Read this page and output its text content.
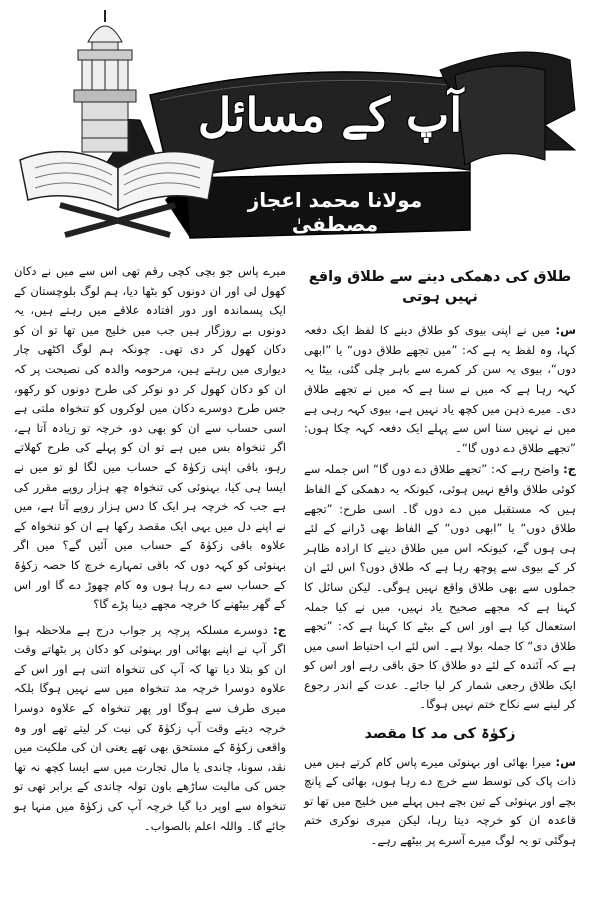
آپ کے مسائل
مولانا محمد اعجاز مصطفیٰ
طلاق کی دھمکی دینے سے طلاق واقع نہیں ہوتی

س: میں نے اپنی بیوی کو طلاق دینے کا لفظ ایک دفعہ کہا، وہ لفظ یہ ہے کہ: ”میں تجھے طلاق دوں“ یا ”ابھی دوں“، بیوی یہ سن کر کمرے سے باہر چلی گئی، بیٹا یہ کہہ رہا ہے کہ میں نے سنا ہے کہ میں نے تجھے طلاق دی۔ میرے ذہن میں کچھ یاد نہیں ہے، بیوی کہہ رہی ہے میں نے نہیں سنا اس سے پہلے ایک دفعہ کہہ چکا ہوں: ”تجھے طلاق دے دوں گا“۔

ج: واضح رہے کہ: ”تجھے طلاق دے دوں گا“ اس جملہ سے کوئی طلاق واقع نہیں ہوئی، کیونکہ یہ دھمکی کے الفاظ ہیں کہ مستقبل میں دے دوں گا۔ اسی طرح: ”تجھے طلاق دوں“ یا ”ابھی دوں“ کے الفاظ بھی ڈرانے کے لئے ہی ہوں گے، کیونکہ اس میں طلاق دینے کا ارادہ ظاہر کر کے بیوی سے پوچھ رہا ہے کہ طلاق دوں؟ اس لئے ان جملوں سے بھی طلاق واقع نہیں ہوگی۔ لیکن سائل کا کہنا ہے کہ مجھے صحیح یاد نہیں، میں نے کیا جملہ استعمال کیا ہے اور اس کے بیٹے کا کہنا ہے کہ: ”تجھے طلاق دی“ کا جملہ بولا ہے۔ اس لئے اب احتیاط اسی میں ہے کہ آئندہ کے لئے دو طلاق کا حق باقی رہے اور اس کو ایک طلاق رجعی شمار کر لیا جائے۔ عدت کے اندر رجوع کر لینے سے نکاح ختم نہیں ہوگا۔

زکوٰۃ کی مد کا مقصد

س: میرا بھائی اور بہنوئی میرے پاس کام کرتے ہیں میں ذات پاک کی توسط سے خرچ دے رہا ہوں، بھائی کے پانچ بچے اور بہنوئی کے تین بچے ہیں پہلے میں خلیج میں تھا تو قاعدہ ان کو خرچہ دیتا رہا، لیکن میری نوکری ختم ہوگئی تو یہ لوگ میرے آسرے پر بیٹھے رہے۔

میرے پاس جو بچی کچی رقم تھی اس سے میں نے دکان کھول لی اور ان دونوں کو بٹھا دیا، ہم لوگ بلوچستان کے ایک پسماندہ اور دور افتادہ علاقے میں رہتے ہیں، یہ دونوں بے روزگار ہیں جب میں خلیج میں تھا تو ان کو دکان کھول کر دی تھی۔ چونکہ ہم لوگ اکٹھی چار دیواری میں رہتے ہیں، مرحومہ والدہ کی نصیحت پر کہ ان کو دکان کھول کر دو نوکر کی طرح دونوں کو رکھو، جس طرح دوسرے دکان میں لوکروں کو تنخواہ ملتی ہے اسی حساب سے ان کو بھی دو، خرچہ تو زیادہ آتا ہے، اگر تنخواہ بس میں ہے تو ان کو پہلے کی طرح کھلاتے رہو، باقی اپنی زکوٰۃ کے حساب میں لگا لو تو میں نے ایسا ہی کیا، بہنوئی کی تنخواہ چھ ہزار روپے مقرر کی ہے جب کہ خرچہ ہر ایک کا دس ہزار روپے آتا ہے، میں نے اپنے دل میں یہی ایک مقصد رکھا ہے ان کو تنخواہ کے علاوہ باقی زکوٰۃ کے حساب میں آئیں گے؟ میں اگر بہنوئی کو کہہ دوں کہ باقی تمہارے خرچ کا حصہ زکوٰۃ کے حساب سے دے رہا ہوں وہ کام چھوڑ دے گا اور اس کے گھر بیٹھنے کا خرچہ مجھے دینا پڑے گا؟

ج: دوسرے مسلکہ پرچہ پر جواب درج ہے ملاحظہ ہوا اگر آپ نے اپنے بھائی اور بہنوئی کو دکان پر بٹھاتے وقت ان کو بتلا دیا تھا کہ آپ کی تنخواہ اتنی ہے اور اس کے علاوہ دوسرا خرچہ مد تنخواہ میں سے نہیں ہوگا بلکہ میری طرف سے ہوگا اور پھر تنخواہ کے علاوہ دوسرا خرچہ دیتے وقت آپ زکوٰۃ کی نیت کر لیتے تھے اور وہ واقعی زکوٰۃ کے مستحق بھی تھے یعنی ان کی ملکیت میں نقد، سونا، چاندی یا مال تجارت میں سے ایسا کچھ نہ تھا جس کی مالیت ساڑھے باون تولہ چاندی کے برابر تھی تو تنخواہ سے اوپر دیا گیا خرچہ آپ کی زکوٰۃ میں منہا ہو جائے گا۔ واللہ اعلم بالصواب۔
